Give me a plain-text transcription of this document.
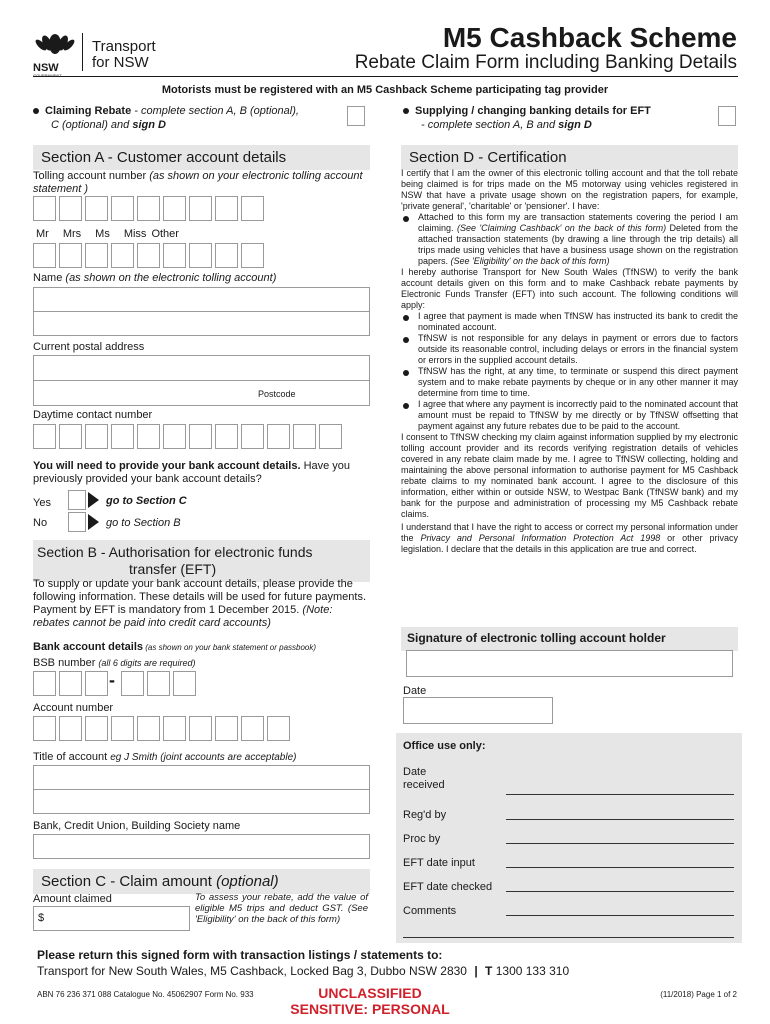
NSW
Transport
for NSW
M5 Cashback Scheme
Rebate Claim Form including Banking Details
Motorists must be registered with an M5 Cashback Scheme participating tag provider
Claiming Rebate - complete section A, B (optional),
C (optional) and sign D
Supplying / changing banking details for EFT
- complete section A, B and sign D
Section A - Customer account details
Tolling account number (as shown on your electronic tolling account statement )
Mr Mrs Ms Miss Other
Name (as shown on the electronic tolling account)
Current postal address
Postcode
Daytime contact number
You will need to provide your bank account details. Have you previously provided your bank account details?
Yes	go to Section C
No	go to Section B
Section B - Authorisation for electronic funds
transfer (EFT)
To supply or update your bank account details, please provide the following information. These details will be used for future payments. Payment by EFT is mandatory from 1 December 2015. (Note: rebates cannot be paid into credit card accounts)
Bank account details (as shown on your bank statement or passbook)
BSB number (all 6 digits are required)
-
Account number
Title of account eg J Smith (joint accounts are acceptable)
Bank, Credit Union, Building Society name
Section C - Claim amount (optional)
Amount claimed
$
To assess your rebate, add the value of eligible M5 trips and deduct GST. (See 'Eligibility' on the back of this form)
Section D - Certification

I certify that I am the owner of this electronic tolling account and that the toll rebate being claimed is for trips made on the M5 motorway using vehicles registered in NSW that have a private usage shown on the registration papers, for example, 'private general', 'charitable' or 'pensioner'. I have:

Attached to this form my are transaction statements covering the period I am claiming. (See 'Claiming Cashback' on the back of this form) Deleted from the attached transaction statements (by drawing a line through the trip details) all trips made using vehicles that have a business usage shown on the registration papers. (See 'Eligibility' on the back of this form)

I hereby authorise Transport for New South Wales (TfNSW) to verify the bank account details given on this form and to make Cashback rebate payments by Electronic Funds Transfer (EFT) into such account. The following conditions will apply:

I agree that payment is made when TfNSW has instructed its bank to credit the nominated account.

TfNSW is not responsible for any delays in payment or errors due to factors outside its reasonable control, including delays or errors in the financial system or errors in the supplied account details.

TfNSW has the right, at any time, to terminate or suspend this direct payment system and to make rebate payments by cheque or in any other manner it may determine from time to time.

I agree that where any payment is incorrectly paid to the nominated account that amount must be repaid to TfNSW by me directly or by TfNSW offsetting that payment against any future rebates due to be paid to the account.

I consent to TfNSW checking my claim against information supplied by my electronic tolling account provider and its records verifying registration details of vehicles covered in any rebate claim made by me. I agree to TfNSW collecting, holding and maintaining the above personal information to authorise payment for M5 Cashback rebate claims to my nominated bank account. I agree to the disclosure of this information, either within or outside NSW, to Westpac Bank (TfNSW bank) and my bank for the purpose and administration of processing my M5 Cashback rebate claims.

I understand that I have the right to access or correct my personal information under the Privacy and Personal Information Protection Act 1998 or other privacy legislation. I declare that the details in this application are true and correct.

Signature of electronic tolling account holder
Date
Office use only:
Date
received
Reg'd by
Proc by
EFT date input
EFT date checked
Comments
Please return this signed form with transaction listings / statements to:
Transport for New South Wales, M5 Cashback, Locked Bag 3, Dubbo NSW 2830 | T 1300 133 310
ABN 76 236 371 088 Catalogue No. 45062907 Form No. 933	UNCLASSIFIED
SENSITIVE: PERSONAL
(11/2018) Page 1 of 2
